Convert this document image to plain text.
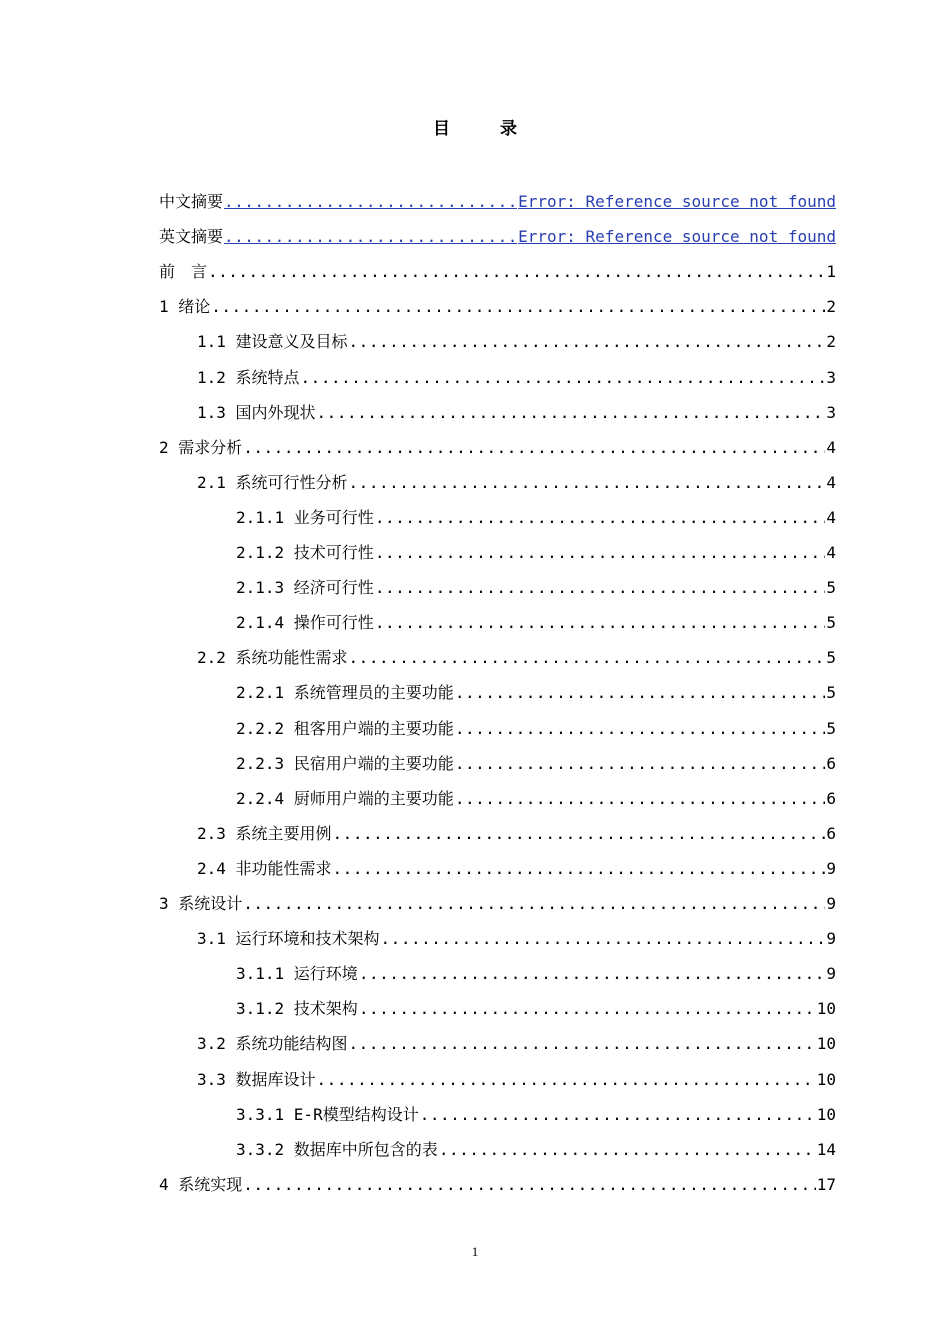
目 录
中文摘要 .....	Error: Reference source not found
英文摘要 .....	Error: Reference source not found
前　言 .....	1
1 绪论 .....	2
1.1 建设意义及目标 .....	2
1.2 系统特点 .....	3
1.3 国内外现状 .....	3
2 需求分析 .....	4
2.1 系统可行性分析 .....	4
2.1.1 业务可行性 .....	4
2.1.2 技术可行性 .....	4
2.1.3 经济可行性 .....	5
2.1.4 操作可行性 .....	5
2.2 系统功能性需求 .....	5
2.2.1 系统管理员的主要功能 .....	5
2.2.2 租客用户端的主要功能 .....	5
2.2.3 民宿用户端的主要功能 .....	6
2.2.4 厨师用户端的主要功能 .....	6
2.3 系统主要用例 .....	6
2.4 非功能性需求 .....	9
3 系统设计 .....	9
3.1 运行环境和技术架构 .....	9
3.1.1 运行环境 .....	9
3.1.2 技术架构 .....	10
3.2 系统功能结构图 .....	10
3.3 数据库设计 .....	10
3.3.1 E-R模型结构设计 .....	10
3.3.2 数据库中所包含的表 .....	14
4 系统实现 .....	17
1
